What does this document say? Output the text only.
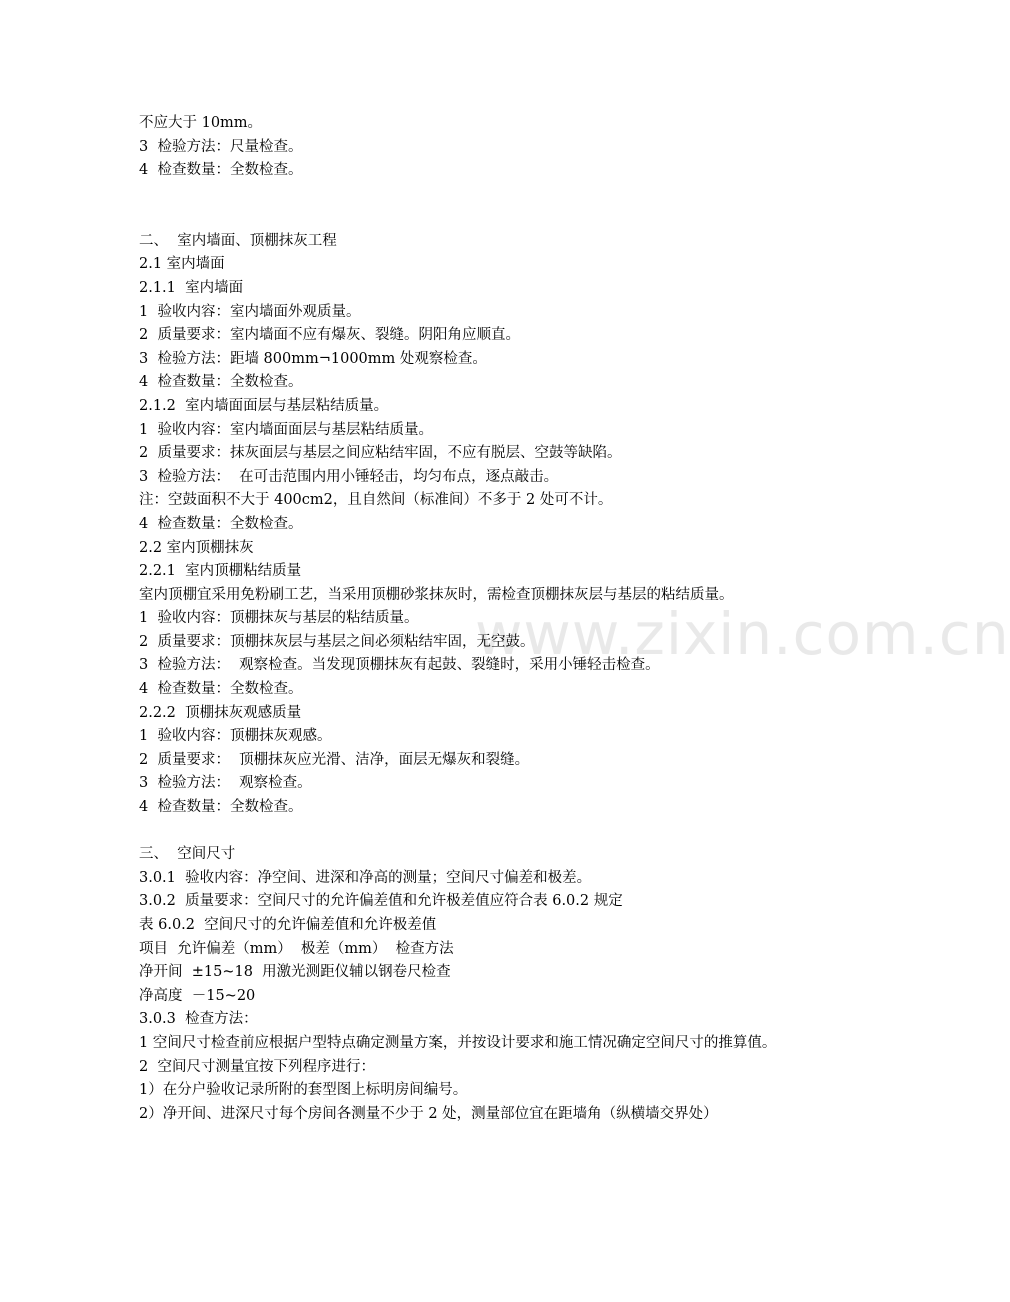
www.zixin.com.cn
不应大于 10mm。
3  检验方法：尺量检查。
4  检查数量：全数检查。
二、  室内墙面、顶棚抹灰工程
2.1 室内墙面
2.1.1  室内墙面
1  验收内容：室内墙面外观质量。
2  质量要求：室内墙面不应有爆灰、裂缝。阴阳角应顺直。
3  检验方法：距墙 800mm¬1000mm 处观察检查。
4  检查数量：全数检查。
2.1.2  室内墙面面层与基层粘结质量。
1  验收内容：室内墙面面层与基层粘结质量。
2  质量要求：抹灰面层与基层之间应粘结牢固，不应有脱层、空鼓等缺陷。
3  检验方法：  在可击范围内用小锤轻击，均匀布点，逐点敲击。
注：空鼓面积不大于 400cm2，且自然间（标准间）不多于 2 处可不计。
4  检查数量：全数检查。
2.2 室内顶棚抹灰
2.2.1  室内顶棚粘结质量
室内顶棚宜采用免粉刷工艺，当采用顶棚砂浆抹灰时，需检查顶棚抹灰层与基层的粘结质量。
1  验收内容：顶棚抹灰与基层的粘结质量。
2  质量要求：顶棚抹灰层与基层之间必须粘结牢固，无空鼓。
3  检验方法：  观察检查。当发现顶棚抹灰有起鼓、裂缝时，采用小锤轻击检查。
4  检查数量：全数检查。
2.2.2  顶棚抹灰观感质量
1  验收内容：顶棚抹灰观感。
2  质量要求：  顶棚抹灰应光滑、洁净，面层无爆灰和裂缝。
3  检验方法：  观察检查。
4  检查数量：全数检查。
三、  空间尺寸
3.0.1  验收内容：净空间、进深和净高的测量；空间尺寸偏差和极差。
3.0.2  质量要求：空间尺寸的允许偏差值和允许极差值应符合表 6.0.2 规定
表 6.0.2  空间尺寸的允许偏差值和允许极差值
项目  允许偏差（mm）  极差（mm）  检查方法
净开间  ±15~18  用激光测距仪辅以钢卷尺检查
净高度  －15~20
3.0.3  检查方法：
1 空间尺寸检查前应根据户型特点确定测量方案，并按设计要求和施工情况确定空间尺寸的推算值。
2  空间尺寸测量宜按下列程序进行：
1）在分户验收记录所附的套型图上标明房间编号。
2）净开间、进深尺寸每个房间各测量不少于 2 处，测量部位宜在距墙角（纵横墙交界处）
